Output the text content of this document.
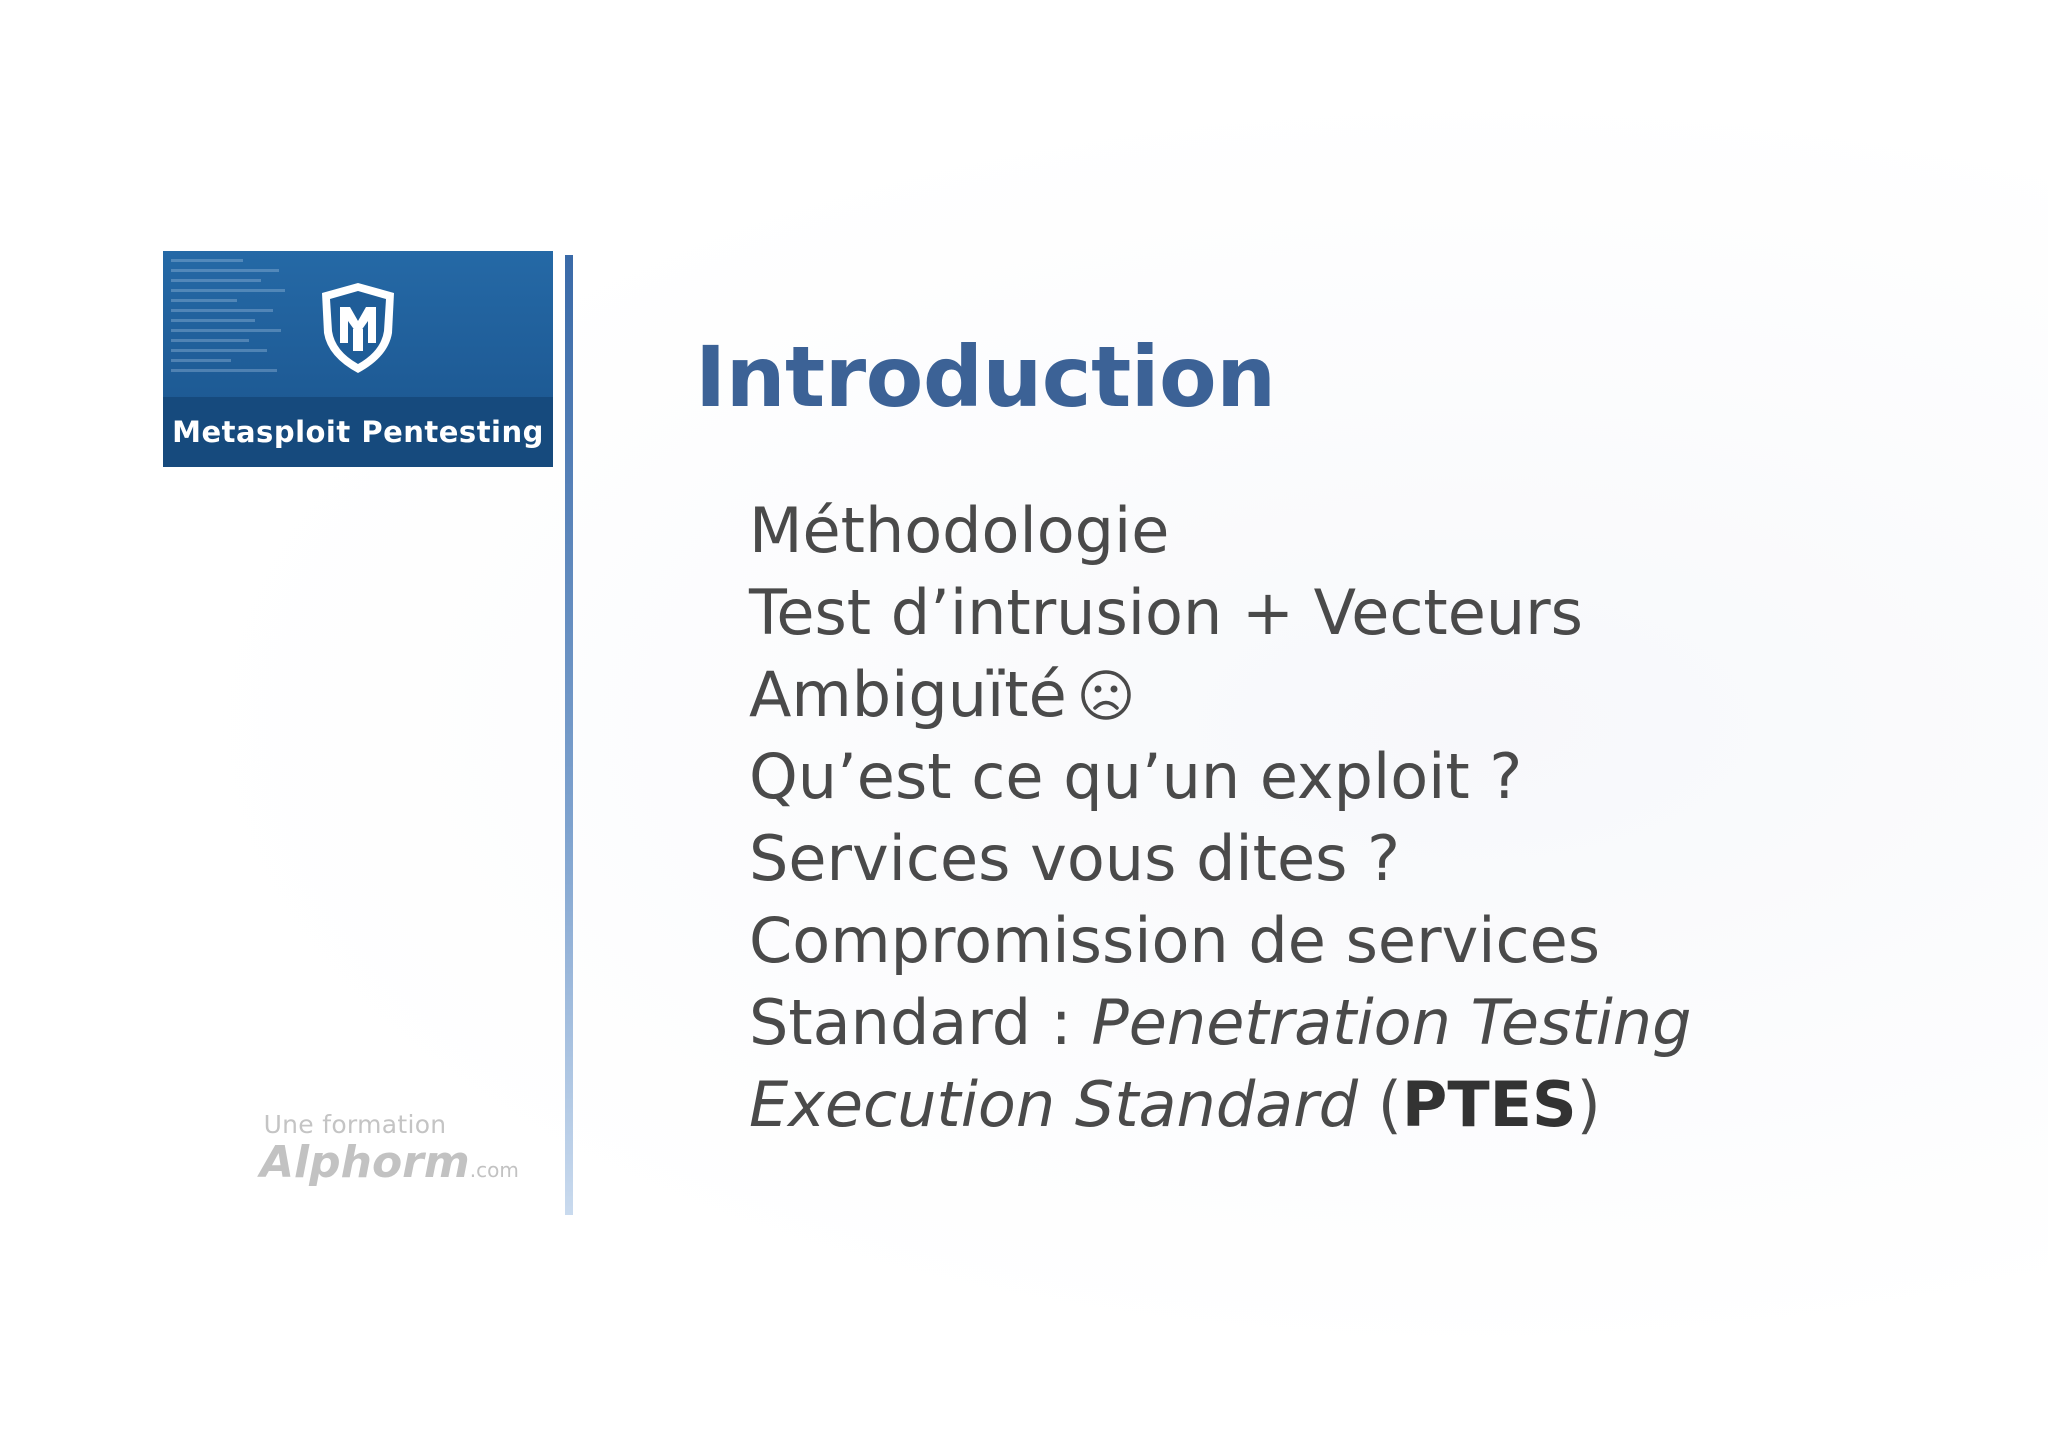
Metasploit Pentesting
Une formation
Alphorm.com
Introduction
Méthodologie
Test d’intrusion + Vecteurs
Ambiguïté
Qu’est ce qu’un exploit ?
Services vous dites ?
Compromission de services
Standard : Penetration Testing
Execution Standard (PTES)
